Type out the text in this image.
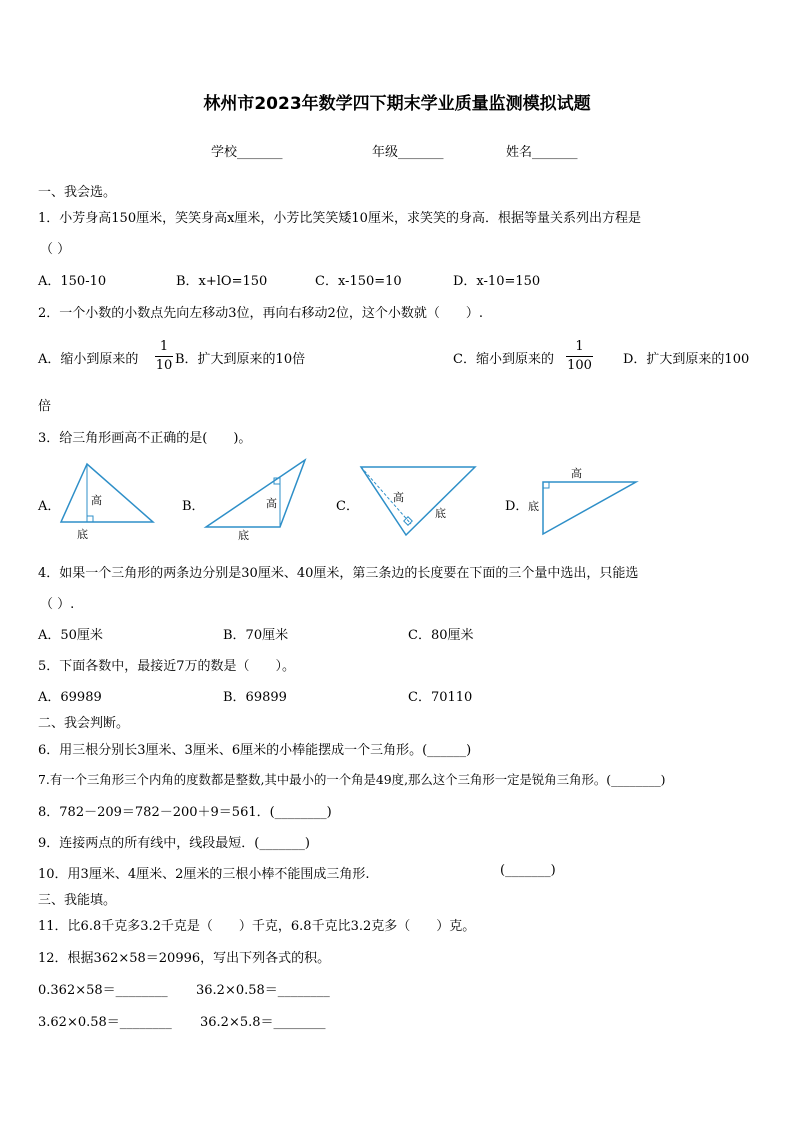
林州市2023年数学四下期末学业质量监测模拟试题
学校_______	年级_______	姓名_______
一、我会选。
1．小芳身高150厘米，笑笑身高x厘米，小芳比笑笑矮10厘米，求笑笑的身高．根据等量关系列出方程是
（ ）
A．150-10	B．x+lO=150	C．x-150=10	D．x-10=150
2．一个小数的小数点先向左移动3位，再向右移动2位，这个小数就（　　）.
A．缩小到原来的
1
10 B．扩大到原来的10倍	C．缩小到原来的
1
100 D．扩大到原来的100
倍
3．给三角形画高不正确的是(　　)。
A．	B．	C．	D．
高
底
高
底
高
底
高
底
4．如果一个三角形的两条边分别是30厘米、40厘米，第三条边的长度要在下面的三个量中选出，只能选
（ ）.
A．50厘米	B．70厘米	C．80厘米
5．下面各数中，最接近7万的数是（　　）。
A．69989	B．69899	C．70110
二、我会判断。
6．用三根分别长3厘米、3厘米、6厘米的小棒能摆成一个三角形。(______)
7.有一个三角形三个内角的度数都是整数,其中最小的一个角是49度,那么这个三角形一定是锐角三角形。(________)
8．782－209＝782－200＋9＝561．(________)
9．连接两点的所有线中，线段最短．(_______)
10．用3厘米、4厘米、2厘米的三根小棒不能围成三角形.	(_______)
三、我能填。
11．比6.8千克多3.2千克是（　　）千克，6.8千克比3.2克多（　　）克。
12．根据362×58＝20996，写出下列各式的积。
0.362×58＝________ 36.2×0.58＝________
3.62×0.58＝________ 36.2×5.8＝________
